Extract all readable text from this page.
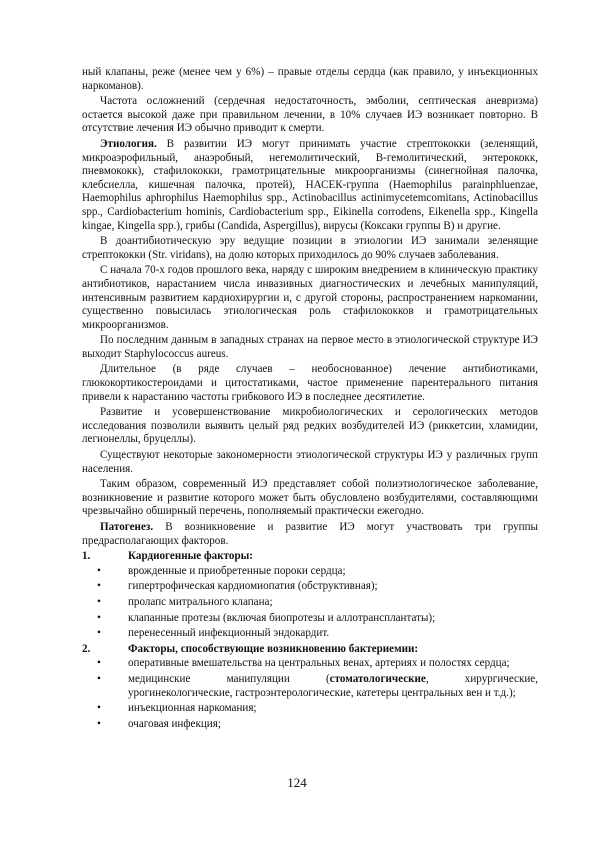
ный клапаны, реже (менее чем у 6%) – правые отделы сердца (как правило, у инъекционных наркоманов).

Частота осложнений (сердечная недостаточность, эмболии, септическая аневризма) остается высокой даже при правильном лечении, в 10% случаев ИЭ возникает повторно. В отсутствие лечения ИЭ обычно приводит к смерти.

Этиология. В развитии ИЭ могут принимать участие стрептококки (зеленящий, микроаэрофильный, анаэробный, негемолитический, B-гемолитический, энтерококк, пневмококк), стафилококки, грамотрицательные микроорганизмы (синегнойная палочка, клебсиелла, кишечная палочка, протей), НАСЕК-группа (Haemophilus parainphluenzae, Haemophilus aphrophilus Haemophilus spp., Actinobacillus actinimycetemcomitans, Actinobacillus spp., Cardiobacterium hominis, Cardiobacterium spp., Eikinella corrodens, Eikenella spp., Kingella kingae, Kingella spp.), грибы (Candida, Aspergillus), вирусы (Коксаки группы В) и другие.

В доантибиотическую эру ведущие позиции в этиологии ИЭ занимали зеленящие стрептококки (Str. viridans), на долю которых приходилось до 90% случаев заболевания.

С начала 70-х годов прошлого века, наряду с широким внедрением в клиническую практику антибиотиков, нарастанием числа инвазивных диагностических и лечебных манипуляций, интенсивным развитием кардиохирургии и, с другой стороны, распространением наркомании, существенно повысилась этиологическая роль стафилококков и грамотрицательных микроорганизмов.

По последним данным в западных странах на первое место в этиологической структуре ИЭ выходит Staphylococcus aureus.

Длительное (в ряде случаев – необоснованное) лечение антибиотиками, глюкокортикостероидами и цитостатиками, частое применение парентерального питания привели к нарастанию частоты грибкового ИЭ в последнее десятилетие.

Развитие и усовершенствование микробиологических и серологических методов исследования позволили выявить целый ряд редких возбудителей ИЭ (риккетсии, хламидии, легионеллы, бруцеллы).

Существуют некоторые закономерности этиологической структуры ИЭ у различных групп населения.

Таким образом, современный ИЭ представляет собой полиэтиологическое заболевание, возникновение и развитие которого может быть обусловлено возбудителями, составляющими чрезвычайно обширный перечень, пополняемый практически ежегодно.

Патогенез. В возникновение и развитие ИЭ могут участвовать три группы предрасполагающих факторов.

1.	Кардиогенные факторы:
•	врожденные и приобретенные пороки сердца;
•	гипертрофическая кардиомиопатия (обструктивная);
•	пролапс митрального клапана;
•	клапанные протезы (включая биопротезы и аллотрансплантаты);
•	перенесенный инфекционный эндокардит.
2.	Факторы, способствующие возникновению бактериемии:
•	оперативные вмешательства на центральных венах, артериях и полостях сердца;
•	медицинские манипуляции (стоматологические, хирургические, урогинекологические, гастроэнтерологические, катетеры центральных вен и т.д.);
•	инъекционная наркомания;
•	очаговая инфекция;
124
